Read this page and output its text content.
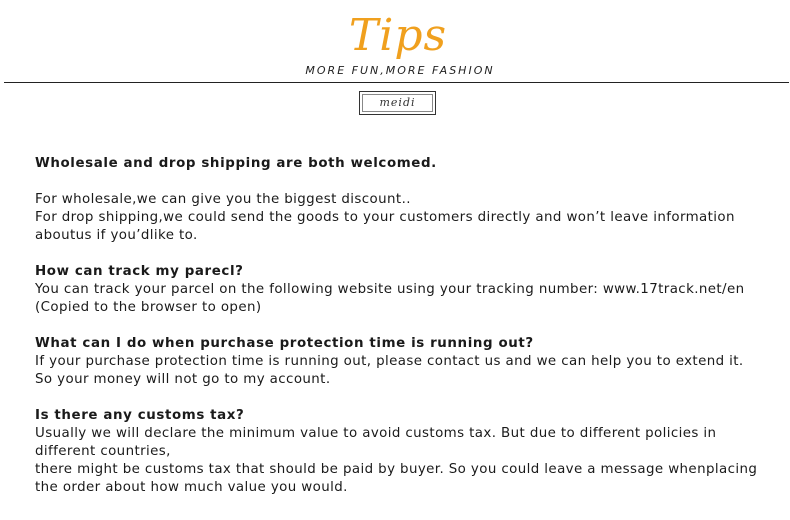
Tips
MORE FUN,MORE FASHION
meidi
Wholesale and drop shipping are both welcomed.
For wholesale,we can give you the biggest discount..
For drop shipping,we could send the goods to your customers directly and won’t leave information
aboutus if you’dlike to.
How can track my parecl?
You can track your parcel on the following website using your tracking number: www.17track.net/en
(Copied to the browser to open)
What can I do when purchase protection time is running out?
If your purchase protection time is running out, please contact us and we can help you to extend it.
So your money will not go to my account.
Is there any customs tax?
Usually we will declare the minimum value to avoid customs tax. But due to different policies in
different countries,
there might be customs tax that should be paid by buyer. So you could leave a message whenplacing
the order about how much value you would.
